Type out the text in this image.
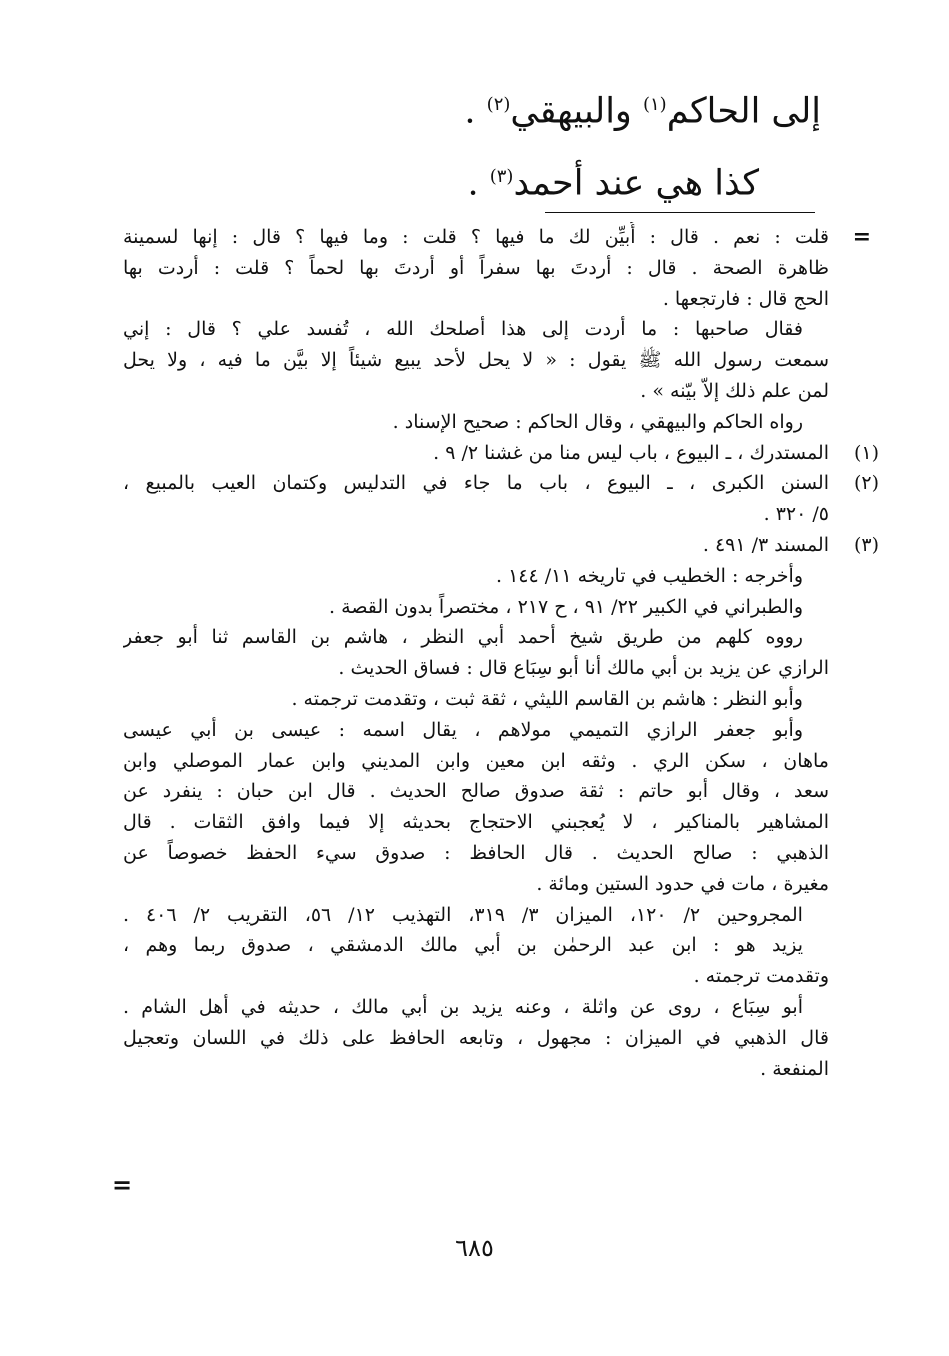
إلى الحاكم$^{(١)}$ والبيهقي$^{(٢)}$ .
كذا هي عند أحمد$^{(٣)}$ .
=
قلت : نعم . قال : أُبيِّن لك ما فيها ؟ قلت : وما فيها ؟ قال : إنها لسمينة
ظاهرة الصحة . قال : أردتَ بها سفراً أو أردتَ بها لحماً ؟ قلت : أردت بها
الحج قال : فارتجعها .
فقال صاحبها : ما أردت إلى هذا أصلحك الله ، تُفسد علي ؟ قال : إني
سمعت رسول الله ﷺ يقول : « لا يحل لأحد يبيع شيئاً إلا بيَّن ما فيه ، ولا يحل
لمن علم ذلك إلاّ بيّنه » .
رواه الحاكم والبيهقي ، وقال الحاكم : صحيح الإسناد .
(١)
المستدرك ، ـ البيوع ، باب ليس منا من غشنا ٢/ ٩ .
(٢)
السنن الكبرى ، ـ البيوع ، باب ما جاء في التدليس وكتمان العيب بالمبيع ،
٥/ ٣٢٠ .
(٣)
المسند ٣/ ٤٩١ .
وأخرجه : الخطيب في تاريخه ١١/ ١٤٤ .
والطبراني في الكبير ٢٢/ ٩١ ، ح ٢١٧ ، مختصراً بدون القصة .
رووه كلهم من طريق شيخ أحمد أبي النظر ، هاشم بن القاسم ثنا أبو جعفر
الرازي عن يزيد بن أبي مالك أنا أبو سِبَاع قال : فساق الحديث .
وأبو النظر : هاشم بن القاسم الليثي ، ثقة ثبت ، وتقدمت ترجمته .
وأبو جعفر الرازي التميمي مولاهم ، يقال اسمه : عيسى بن أبي عيسى
ماهان ، سكن الري . وثقه ابن معين وابن المديني وابن عمار الموصلي وابن
سعد ، وقال أبو حاتم : ثقة صدوق صالح الحديث . قال ابن حبان : ينفرد عن
المشاهير بالمناكير ، لا يُعجبني الاحتجاج بحديثه إلا فيما وافق الثقات . قال
الذهبي : صالح الحديث . قال الحافظ : صدوق سيء الحفظ خصوصاً عن
مغيرة ، مات في حدود الستين ومائة .
المجروحين ٢/ ١٢٠، الميزان ٣/ ٣١٩، التهذيب ١٢/ ٥٦، التقريب ٢/ ٤٠٦ .
يزيد هو : ابن عبد الرحمٰن بن أبي مالك الدمشقي ، صدوق ربما وهم ،
وتقدمت ترجمته .
أبو سِبَاع ، روى عن واثلة ، وعنه يزيد بن أبي مالك ، حديثه في أهل الشام .
قال الذهبي في الميزان : مجهول ، وتابعه الحافظ على ذلك في اللسان وتعجيل
المنفعة .
=
٦٨٥
